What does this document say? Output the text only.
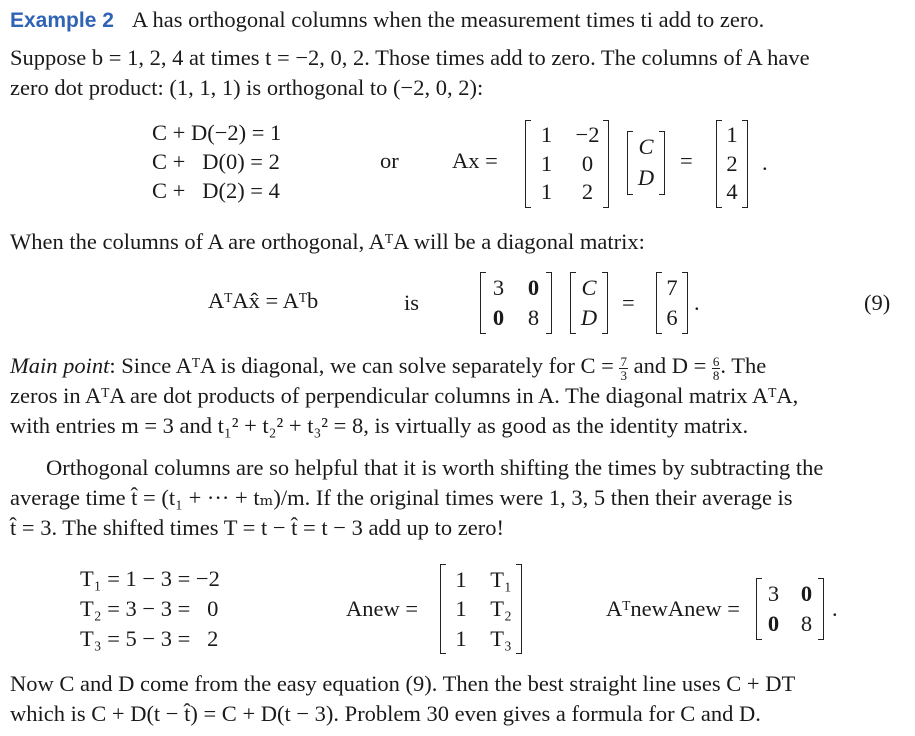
Example 2 A has orthogonal columns when the measurement times ti add to zero.
Suppose b = 1, 2, 4 at times t = −2, 0, 2. Those times add to zero. The columns of A have
zero dot product: (1, 1, 1) is orthogonal to (−2, 0, 2):
C + D(−2) = 1
C +   D(0) = 2
C +   D(2) = 4
or Ax =
1	−2
1	0
1	2
C
D
=
1
2
4
.
When the columns of A are orthogonal, AᵀA will be a diagonal matrix:
AᵀAx̂ = Aᵀb	is
3	0
0	8
C
D
=
7
6
.	(9)
Main point: Since AᵀA is diagonal, we can solve separately for $C = \frac{7}{3}$ and $D = \frac{6}{8}$ . The
zeros in AᵀA are dot products of perpendicular columns in A. The diagonal matrix AᵀA,
with entries m = 3 and t₁² + t₂² + t₃² = 8, is virtually as good as the identity matrix.
Orthogonal columns are so helpful that it is worth shifting the times by subtracting the
average time t̂ = (t₁ + ··· + tₘ)/m. If the original times were 1, 3, 5 then their average is
t̂ = 3. The shifted times T = t − t̂ = t − 3 add up to zero!
T₁ = 1 − 3 = −2
T₂ = 3 − 3 =   0
T₃ = 5 − 3 =   2
Anew =
1	T₁
1	T₂
1	T₃
AᵀnewAnew =
3 0
0 8
.
Now C and D come from the easy equation (9). Then the best straight line uses C + DT
which is C + D(t − t̂) = C + D(t − 3). Problem 30 even gives a formula for C and D.
